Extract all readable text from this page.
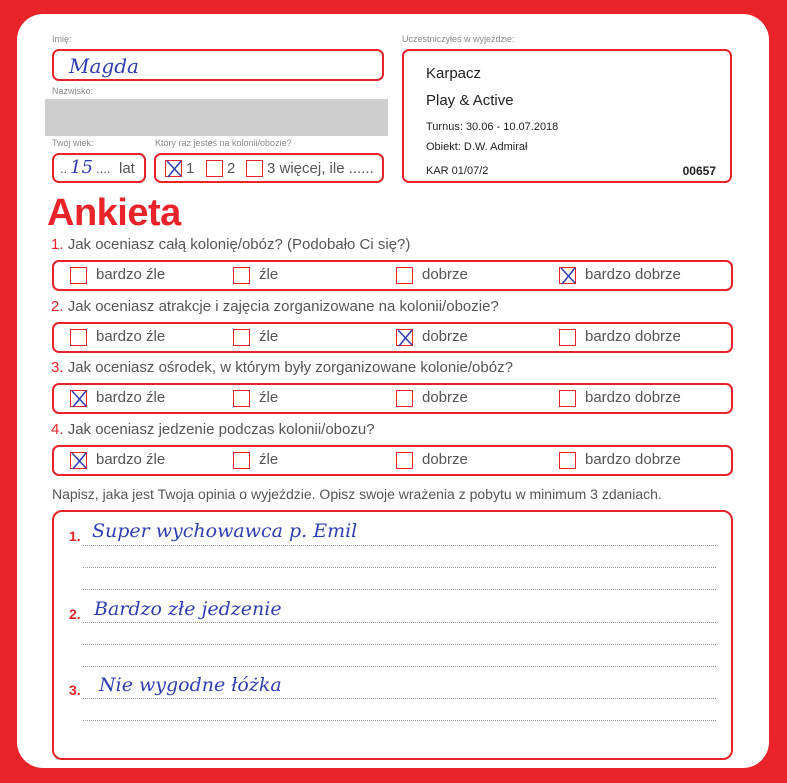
Imię:
Magda
Nazwisko:
Twój wiek:
.. 15 .... lat
Który raz jesteś na kolonii/obozie?
1 2 3 więcej, ile ......
Uczestniczyłeś w wyjeździe:
Karpacz
Play & Active
Turnus: 30.06 - 10.07.2018
Obiekt: D.W. Admirał
KAR 01/07/2	00657
Ankieta
1. Jak oceniasz całą kolonię/obóz? (Podobało Ci się?)
bardzo źle	źle	dobrze	bardzo dobrze
2. Jak oceniasz atrakcje i zajęcia zorganizowane na kolonii/obozie?
bardzo źle	źle	dobrze	bardzo dobrze
3. Jak oceniasz ośrodek, w którym były zorganizowane kolonie/obóz?
bardzo źle	źle	dobrze	bardzo dobrze
4. Jak oceniasz jedzenie podczas kolonii/obozu?
bardzo źle	źle	dobrze	bardzo dobrze
Napisz, jaka jest Twoja opinia o wyjeździe. Opisz swoje wrażenia z pobytu w minimum 3 zdaniach.
1. Super wychowawca p. Emil
2. Bardzo złe jedzenie
3. Nie wygodne łóżka
